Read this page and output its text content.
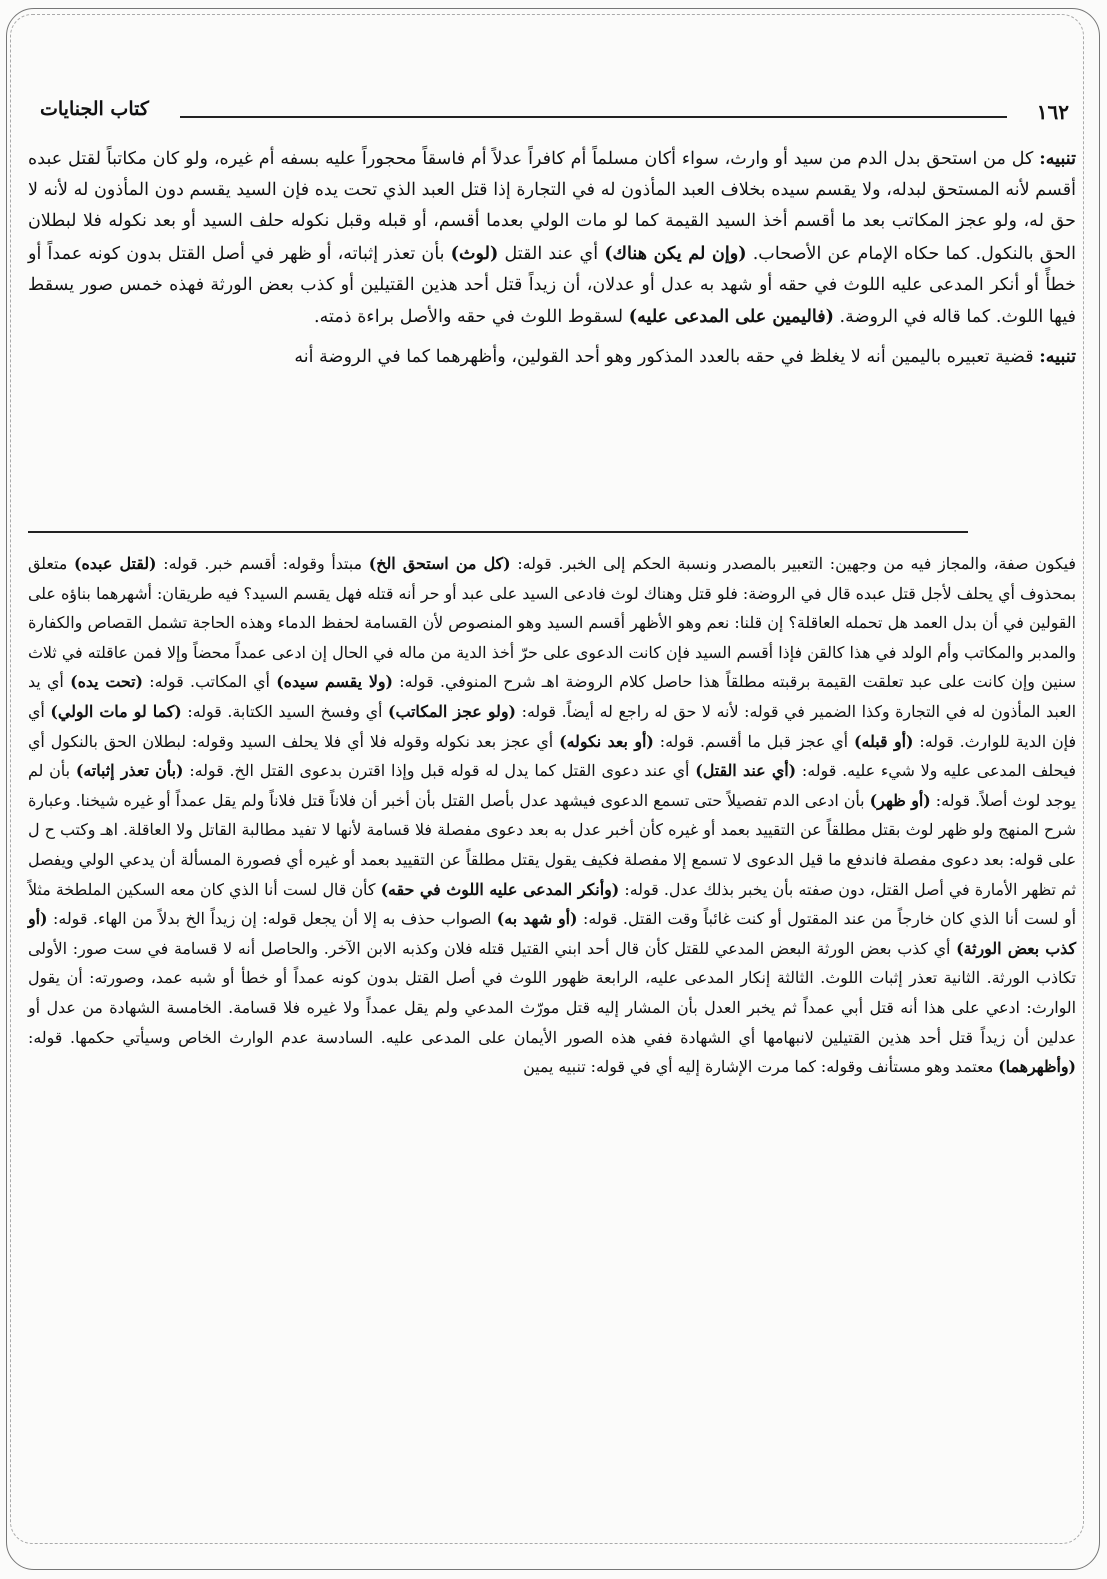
١٦٢
كتاب الجنايات

تنبيه: كل من استحق بدل الدم من سيد أو وارث، سواء أكان مسلماً أم كافراً عدلاً أم فاسقاً محجوراً عليه بسفه أم غيره، ولو كان مكاتباً لقتل عبده أقسم لأنه المستحق لبدله، ولا يقسم سيده بخلاف العبد المأذون له في التجارة إذا قتل العبد الذي تحت يده فإن السيد يقسم دون المأذون له لأنه لا حق له، ولو عجز المكاتب بعد ما أقسم أخذ السيد القيمة كما لو مات الولي بعدما أقسم، أو قبله وقبل نكوله حلف السيد أو بعد نكوله فلا لبطلان الحق بالنكول. كما حكاه الإمام عن الأصحاب. (وإن لم يكن هناك) أي عند القتل (لوث) بأن تعذر إثباته، أو ظهر في أصل القتل بدون كونه عمداً أو خطأً أو أنكر المدعى عليه اللوث في حقه أو شهد به عدل أو عدلان، أن زيداً قتل أحد هذين القتيلين أو كذب بعض الورثة فهذه خمس صور يسقط فيها اللوث. كما قاله في الروضة. (فاليمين على المدعى عليه) لسقوط اللوث في حقه والأصل براءة ذمته.

تنبيه: قضية تعبيره باليمين أنه لا يغلظ في حقه بالعدد المذكور وهو أحد القولين، وأظهرهما كما في الروضة أنه

فيكون صفة، والمجاز فيه من وجهين: التعبير بالمصدر ونسبة الحكم إلى الخبر. قوله: (كل من استحق الخ) مبتدأ وقوله: أقسم خبر. قوله: (لقتل عبده) متعلق بمحذوف أي يحلف لأجل قتل عبده قال في الروضة: فلو قتل وهناك لوث فادعى السيد على عبد أو حر أنه قتله فهل يقسم السيد؟ فيه طريقان: أشهرهما بناؤه على القولين في أن بدل العمد هل تحمله العاقلة؟ إن قلنا: نعم وهو الأظهر أقسم السيد وهو المنصوص لأن القسامة لحفظ الدماء وهذه الحاجة تشمل القصاص والكفارة والمدبر والمكاتب وأم الولد في هذا كالقن فإذا أقسم السيد فإن كانت الدعوى على حرّ أخذ الدية من ماله في الحال إن ادعى عمداً محضاً وإلا فمن عاقلته في ثلاث سنين وإن كانت على عبد تعلقت القيمة برقبته مطلقاً هذا حاصل كلام الروضة اهـ شرح المنوفي. قوله: (ولا يقسم سيده) أي المكاتب. قوله: (تحت يده) أي يد العبد المأذون له في التجارة وكذا الضمير في قوله: لأنه لا حق له راجع له أيضاً. قوله: (ولو عجز المكاتب) أي وفسخ السيد الكتابة. قوله: (كما لو مات الولي) أي فإن الدية للوارث. قوله: (أو قبله) أي عجز قبل ما أقسم. قوله: (أو بعد نكوله) أي عجز بعد نكوله وقوله فلا أي فلا يحلف السيد وقوله: لبطلان الحق بالنكول أي فيحلف المدعى عليه ولا شيء عليه. قوله: (أي عند القتل) أي عند دعوى القتل كما يدل له قوله قبل وإذا اقترن بدعوى القتل الخ. قوله: (بأن تعذر إثباته) بأن لم يوجد لوث أصلاً. قوله: (أو ظهر) بأن ادعى الدم تفصيلاً حتى تسمع الدعوى فيشهد عدل بأصل القتل بأن أخبر أن فلاناً قتل فلاناً ولم يقل عمداً أو غيره شيخنا. وعبارة شرح المنهج ولو ظهر لوث بقتل مطلقاً عن التقييد بعمد أو غيره كأن أخبر عدل به بعد دعوى مفصلة فلا قسامة لأنها لا تفيد مطالبة القاتل ولا العاقلة. اهـ وكتب ح ل على قوله: بعد دعوى مفصلة فاندفع ما قيل الدعوى لا تسمع إلا مفصلة فكيف يقول يقتل مطلقاً عن التقييد بعمد أو غيره أي فصورة المسألة أن يدعي الولي ويفصل ثم تظهر الأمارة في أصل القتل، دون صفته بأن يخبر بذلك عدل. قوله: (وأنكر المدعى عليه اللوث في حقه) كأن قال لست أنا الذي كان معه السكين الملطخة مثلاً أو لست أنا الذي كان خارجاً من عند المقتول أو كنت غائباً وقت القتل. قوله: (أو شهد به) الصواب حذف به إلا أن يجعل قوله: إن زيداً الخ بدلاً من الهاء. قوله: (أو كذب بعض الورثة) أي كذب بعض الورثة البعض المدعي للقتل كأن قال أحد ابني القتيل قتله فلان وكذبه الابن الآخر. والحاصل أنه لا قسامة في ست صور: الأولى تكاذب الورثة. الثانية تعذر إثبات اللوث. الثالثة إنكار المدعى عليه، الرابعة ظهور اللوث في أصل القتل بدون كونه عمداً أو خطأ أو شبه عمد، وصورته: أن يقول الوارث: ادعي على هذا أنه قتل أبي عمداً ثم يخبر العدل بأن المشار إليه قتل مورّث المدعي ولم يقل عمداً ولا غيره فلا قسامة. الخامسة الشهادة من عدل أو عدلين أن زيداً قتل أحد هذين القتيلين لانبهامها أي الشهادة ففي هذه الصور الأيمان على المدعى عليه. السادسة عدم الوارث الخاص وسيأتي حكمها. قوله: (وأظهرهما) معتمد وهو مستأنف وقوله: كما مرت الإشارة إليه أي في قوله: تنبيه يمين
